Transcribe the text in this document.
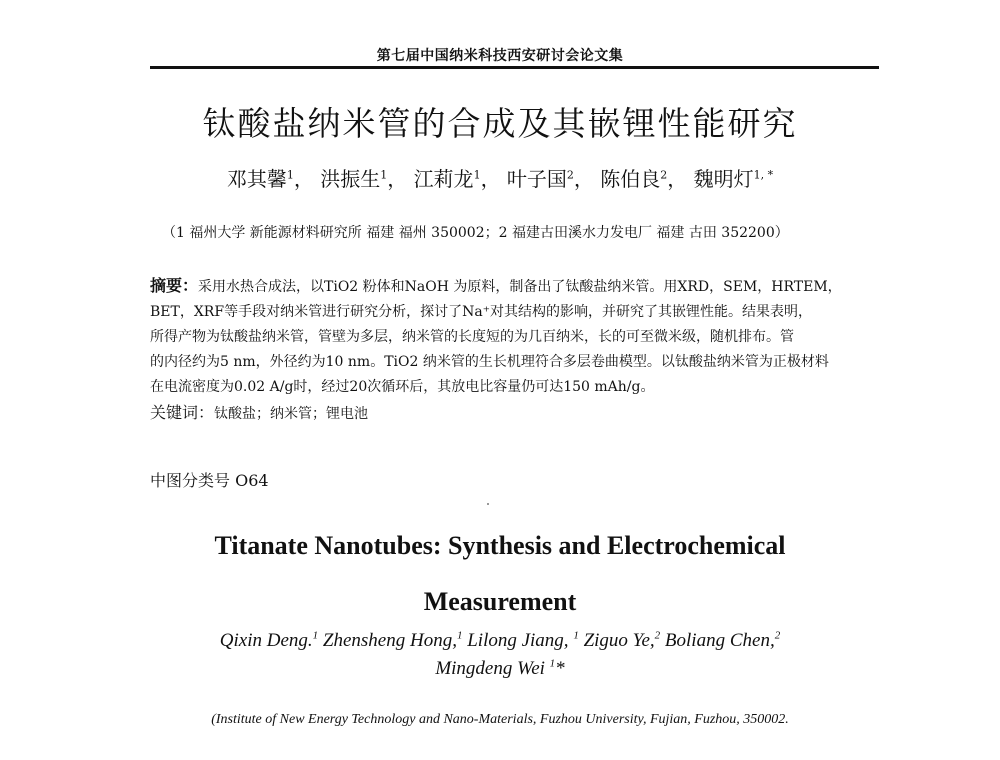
第七届中国纳米科技西安研讨会论文集
钛酸盐纳米管的合成及其嵌锂性能研究
邓其馨$^1$， 洪振生$^1$， 江莉龙$^1$， 叶子国$^2$， 陈伯良$^2$， 魏明灯$^{1, *}$
（1 福州大学 新能源材料研究所 福建 福州 350002；2 福建古田溪水力发电厂 福建 古田 352200）
摘要：采用水热合成法，以TiO2 粉体和NaOH 为原料，制备出了钛酸盐纳米管。用XRD，SEM，HRTEM，
BET，XRF等手段对纳米管进行研究分析，探讨了Na⁺对其结构的影响，并研究了其嵌锂性能。结果表明，
所得产物为钛酸盐纳米管，管壁为多层，纳米管的长度短的为几百纳米，长的可至微米级，随机排布。管
的内径约为5 nm，外径约为10 nm。TiO2 纳米管的生长机理符合多层卷曲模型。以钛酸盐纳米管为正极材料
在电流密度为0.02 A/g时，经过20次循环后，其放电比容量仍可达150 mAh/g。
关键词：钛酸盐；纳米管；锂电池
中图分类号 O64
Titanate Nanotubes: Synthesis and Electrochemical
Measurement
Qixin Deng.$^1$ Zhensheng Hong,$^1$ Lilong Jiang, $^1$ Ziguo Ye,$^2$ Boliang Chen,$^2$
Mingdeng Wei $^1$*
(Institute of New Energy Technology and Nano-Materials, Fuzhou University, Fujian, Fuzhou, 350002.
